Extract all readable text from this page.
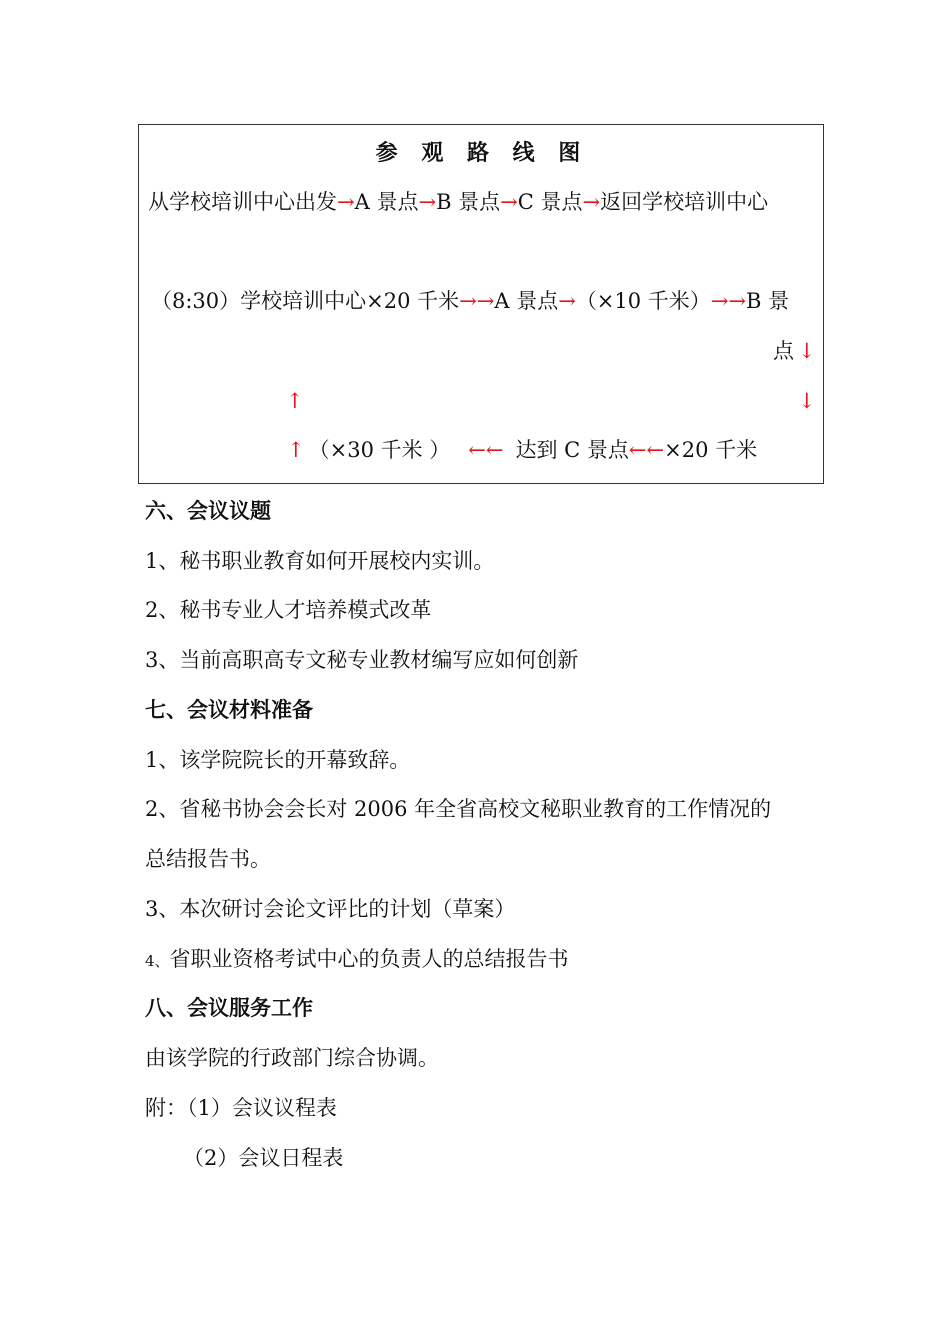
参 观 路 线 图
从学校培训中心出发→A 景点→B 景点→C 景点→返回学校培训中心
（8:30）学校培训中心×20 千米→→A 景点→（×10 千米）→→B 景
点 ↓
↑	↓
↑ （×30 千米 ） ←← 达到 C 景点←←×20 千米
六、会议议题
1、秘书职业教育如何开展校内实训。
2、秘书专业人才培养模式改革
3、当前高职高专文秘专业教材编写应如何创新
七、会议材料准备
1、该学院院长的开幕致辞。
2、省秘书协会会长对 2006 年全省高校文秘职业教育的工作情况的
总结报告书。
3、本次研讨会论文评比的计划（草案）
4、省职业资格考试中心的负责人的总结报告书
八、会议服务工作
由该学院的行政部门综合协调。
附：（1）会议议程表
（2）会议日程表
